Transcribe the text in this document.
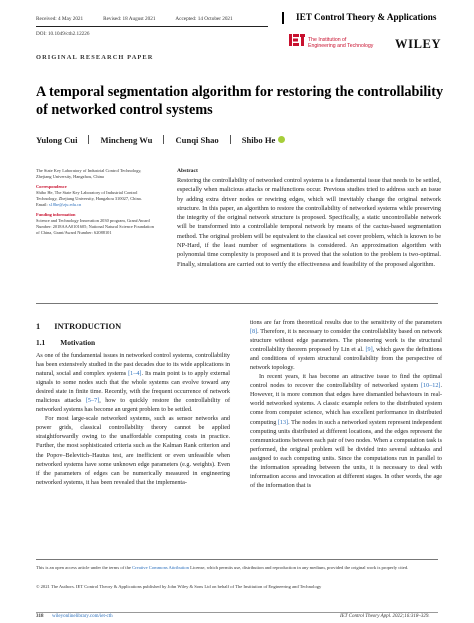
Received: 4 May 2021	Revised: 18 August 2021	Accepted: 14 October 2021
DOI: 10.1049/cth2.12226
IET Control Theory & Applications
The Institution of
Engineering and Technology WILEY
ORIGINAL RESEARCH PAPER
A temporal segmentation algorithm for restoring the controllability of networked control systems
Yulong Cui	Mincheng Wu	Cunqi Shao	Shibo He

The State Key Laboratory of Industrial Control Technology, Zhejiang University, Hangzhou, China

Correspondence

Shibo He, The State Key Laboratory of Industrial Control Technology, Zhejiang University, Hangzhou 310027, China.

Email: s18he@zju.edu.cn

Funding information

Science and Technology Innovation 2030 program, Grant/Award Number: 2018AAA0101605; National Natural Science Foundation of China, Grant/Award Number: 62088101

Abstract
Restoring the controllability of networked control systems is a fundamental issue that needs to be settled, especially when malicious attacks or malfunctions occur. Previous studies tried to address such an issue by adding extra driver nodes or rewiring edges, which will inevitably change the original network structure. In this paper, an algorithm to restore the controllability of networked systems while preserving the integrity of the original network structure is proposed. Specifically, a static uncontrollable network will be transformed into a controllable temporal network by means of the cactus-based segmentation method. The original problem will be equivalent to the classical set cover problem, which is known to be NP-Hard, if the least number of segmentations is considered. An approximation algorithm with polynomial time complexity is proposed and it is proved that the solution to the problem is two-optimal. Finally, simulations are carried out to verify the effectiveness and feasibility of the proposed algorithm.
1 INTRODUCTION
1.1 Motivation

As one of the fundamental issues in networked control systems, controllability has been extensively studied in the past decades due to its wide applications in natural, social and complex systems [1–4]. Its main point is to apply external signals to some nodes such that the whole systems can evolve toward any desired state in finite time. Recently, with the frequent occurrence of network malicious attacks [5–7], how to quickly restore the controllability of networked systems has become an urgent problem to be settled.

For most large-scale networked systems, such as sensor networks and power grids, classical controllability theory cannot be applied straightforwardly owing to the unaffordable computing costs in practice. Further, the most sophisticated criteria such as the Kalman Rank criterion and the Popov–Belevitch–Hautus test, are inefficient or even unfeasible when networked systems have some unknown edge parameters (e.g. weights). Even if the parameters of edges can be numerically measured in engineering networked systems, it has been revealed that the implementa-

tions are far from theoretical results due to the sensitivity of the parameters [8]. Therefore, it is necessary to consider the controllability based on network structure without edge parameters. The pioneering work is the structural controllability theorem proposed by Lin et al. [9], which gave the definitions and conditions of system structural controllability from the perspective of network topology.

In recent years, it has become an attractive issue to find the optimal control nodes to recover the controllability of networked system [10–12]. However, it is more common that edges have dismantled behaviours in real-world networked systems. A classic example refers to the distributed system come from computer science, which has excellent performance in distributed computing [13]. The nodes in such a networked system represent independent computing units distributed at different locations, and the edges represent the communications between each pair of two nodes. When a computation task is performed, the original problem will be divided into several subtasks and assigned to each computing units. Since the computations run in parallel to the information spreading between the units, it is necessary to deal with information access and invocation at different stages. In other words, the age of the information that is

This is an open access article under the terms of the Creative Commons Attribution License, which permits use, distribution and reproduction in any medium, provided the original work is properly cited.
© 2021 The Authors. IET Control Theory & Applications published by John Wiley & Sons Ltd on behalf of The Institution of Engineering and Technology
318 wileyonlinelibrary.com/iet-cth	IET Control Theory Appl. 2022;16:318–329.
